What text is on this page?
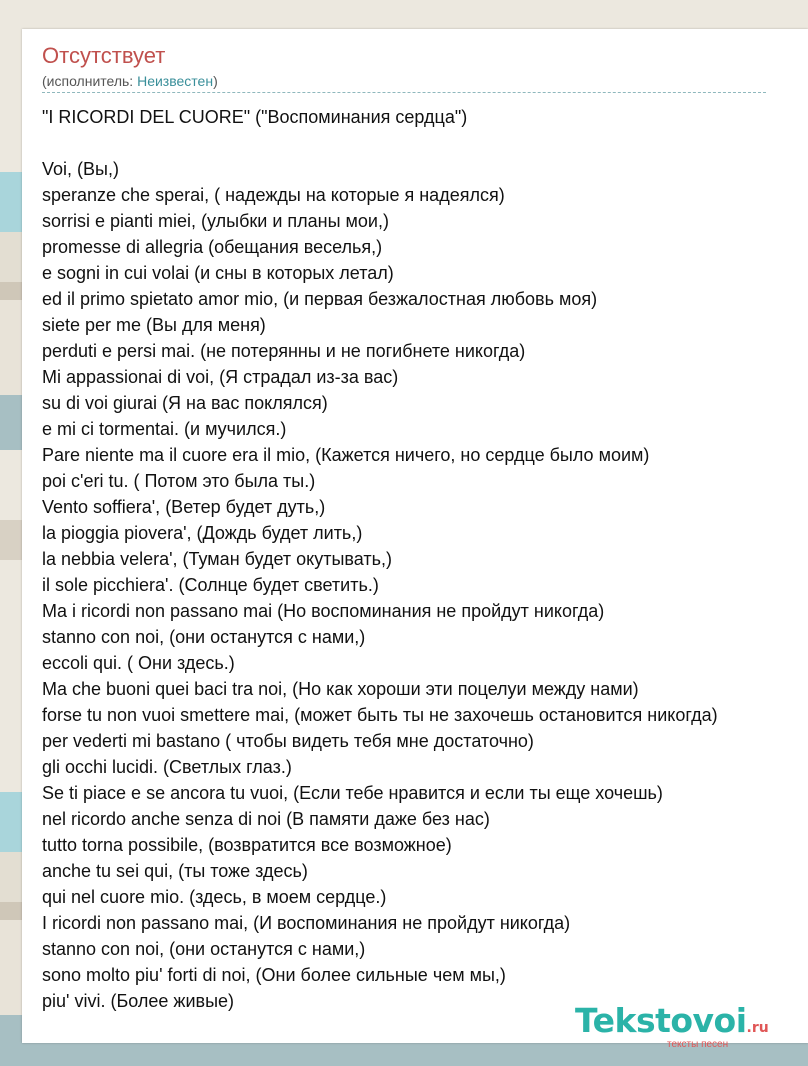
Отсутствует
(исполнитель: Неизвестен)
"I RICORDI DEL CUORE" ("Воспоминания сердца")
Voi, (Вы,)
speranze che sperai, ( надежды на которые я надеялся)
sorrisi e pianti miei, (улыбки и планы мои,)
promesse di allegria (обещания веселья,)
e sogni in cui volai (и сны в которых летал)
ed il primo spietato amor mio, (и первая безжалостная любовь моя)
siete per me (Вы для меня)
perduti e persi mai. (не потерянны и не погибнете никогда)
Mi appassionai di voi, (Я страдал из-за вас)
su di voi giurai (Я на вас поклялся)
e mi ci tormentai. (и мучился.)
Pare niente ma il cuore era il mio, (Кажется ничего, но сердце было моим)
poi c'eri tu. ( Потом это была ты.)
Vento soffiera', (Ветер будет дуть,)
la pioggia piovera', (Дождь будет лить,)
la nebbia velera', (Туман будет окутывать,)
il sole picchiera'. (Солнце будет светить.)
Ma i ricordi non passano mai (Но воспоминания не пройдут никогда)
stanno con noi, (они останутся с нами,)
eccoli qui. ( Они здесь.)
Ma che buoni quei baci tra noi, (Но как хороши эти поцелуи между нами)
forse tu non vuoi smettere mai, (может быть ты не захочешь остановится никогда)
per vederti mi bastano ( чтобы видеть тебя мне достаточно)
gli occhi lucidi. (Светлых глаз.)
Se ti piace e se ancora tu vuoi, (Если тебе нравится и если ты еще хочешь)
nel ricordo anche senza di noi (В памяти даже без нас)
tutto torna possibile, (возвратится все возможное)
anche tu sei qui, (ты тоже здесь)
qui nel cuore mio. (здесь, в моем сердце.)
I ricordi non passano mai, (И воспоминания не пройдут никогда)
stanno con noi, (они останутся с нами,)
sono molto piu' forti di noi, (Они более сильные чем мы,)
piu' vivi. (Более живые)	Tekstovoi.ru
тексты песен
